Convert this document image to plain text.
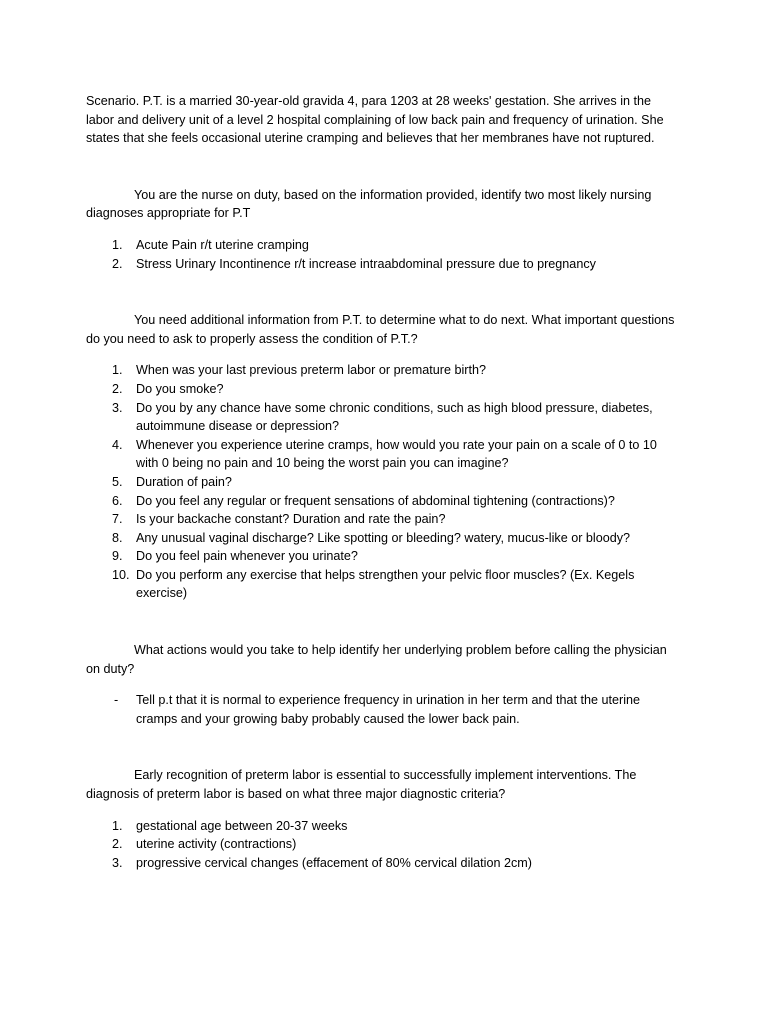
Scenario. P.T. is a married 30-year-old gravida 4, para 1203 at 28 weeks' gestation. She arrives in the labor and delivery unit of a level 2 hospital complaining of low back pain and frequency of urination. She states that she feels occasional uterine cramping and believes that her membranes have not ruptured.

You are the nurse on duty, based on the information provided, identify two most likely nursing diagnoses appropriate for P.T

1.	Acute Pain r/t uterine cramping
2.	Stress Urinary Incontinence r/t increase intraabdominal pressure due to pregnancy

You need additional information from P.T. to determine what to do next. What important questions do you need to ask to properly assess the condition of P.T.?

1.	When was your last previous preterm labor or premature birth?
2.	Do you smoke?
3.	Do you by any chance have some chronic conditions, such as high blood pressure, diabetes, autoimmune disease or depression?
4.	Whenever you experience uterine cramps, how would you rate your pain on a scale of 0 to 10 with 0 being no pain and 10 being the worst pain you can imagine?
5.	Duration of pain?
6.	Do you feel any regular or frequent sensations of abdominal tightening (contractions)?
7.	Is your backache constant? Duration and rate the pain?
8.	Any unusual vaginal discharge? Like spotting or bleeding? watery, mucus-like or bloody?
9.	Do you feel pain whenever you urinate?
10. Do you perform any exercise that helps strengthen your pelvic floor muscles? (Ex. Kegels exercise)

What actions would you take to help identify her underlying problem before calling the physician on duty?

-	Tell p.t that it is normal to experience frequency in urination in her term and that the uterine cramps and your growing baby probably caused the lower back pain.

Early recognition of preterm labor is essential to successfully implement interventions. The diagnosis of preterm labor is based on what three major diagnostic criteria?

1.	gestational age between 20-37 weeks
2.	uterine activity (contractions)
3.	progressive cervical changes (effacement of 80% cervical dilation 2cm)
